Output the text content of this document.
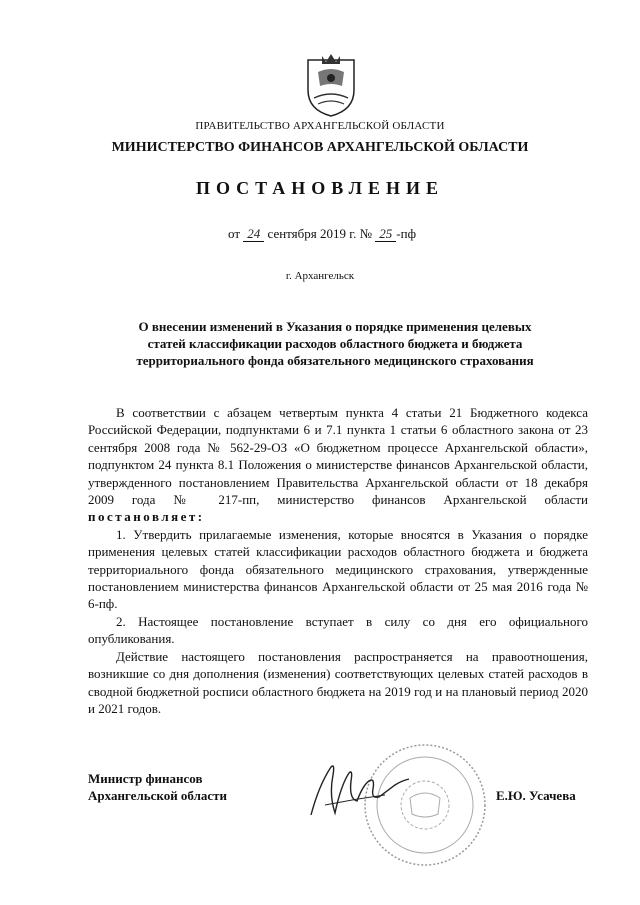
ПРАВИТЕЛЬСТВО АРХАНГЕЛЬСКОЙ ОБЛАСТИ
МИНИСТЕРСТВО ФИНАНСОВ АРХАНГЕЛЬСКОЙ ОБЛАСТИ
ПОСТАНОВЛЕНИЕ
от 24 сентября 2019 г. № 25 -пф
г. Архангельск
О внесении изменений в Указания о порядке применения целевых статей классификации расходов областного бюджета и бюджета территориального фонда обязательного медицинского страхования

В соответствии с абзацем четвертым пункта 4 статьи 21 Бюджетного кодекса Российской Федерации, подпунктами 6 и 7.1 пункта 1 статьи 6 областного закона от 23 сентября 2008 года № 562-29-ОЗ «О бюджетном процессе Архангельской области», подпунктом 24 пункта 8.1 Положения о министерстве финансов Архангельской области, утвержденного постановлением Правительства Архангельской области от 18 декабря 2009 года № 217-пп, министерство финансов Архангельской области постановляет:

1. Утвердить прилагаемые изменения, которые вносятся в Указания о порядке применения целевых статей классификации расходов областного бюджета и бюджета территориального фонда обязательного медицинского страхования, утвержденные постановлением министерства финансов Архангельской области от 25 мая 2016 года № 6-пф.

2. Настоящее постановление вступает в силу со дня его официального опубликования.

Действие настоящего постановления распространяется на правоотношения, возникшие со дня дополнения (изменения) соответствующих целевых статей расходов в сводной бюджетной росписи областного бюджета на 2019 год и на плановый период 2020 и 2021 годов.

Министр финансов
Архангельской области	Е.Ю. Усачева
